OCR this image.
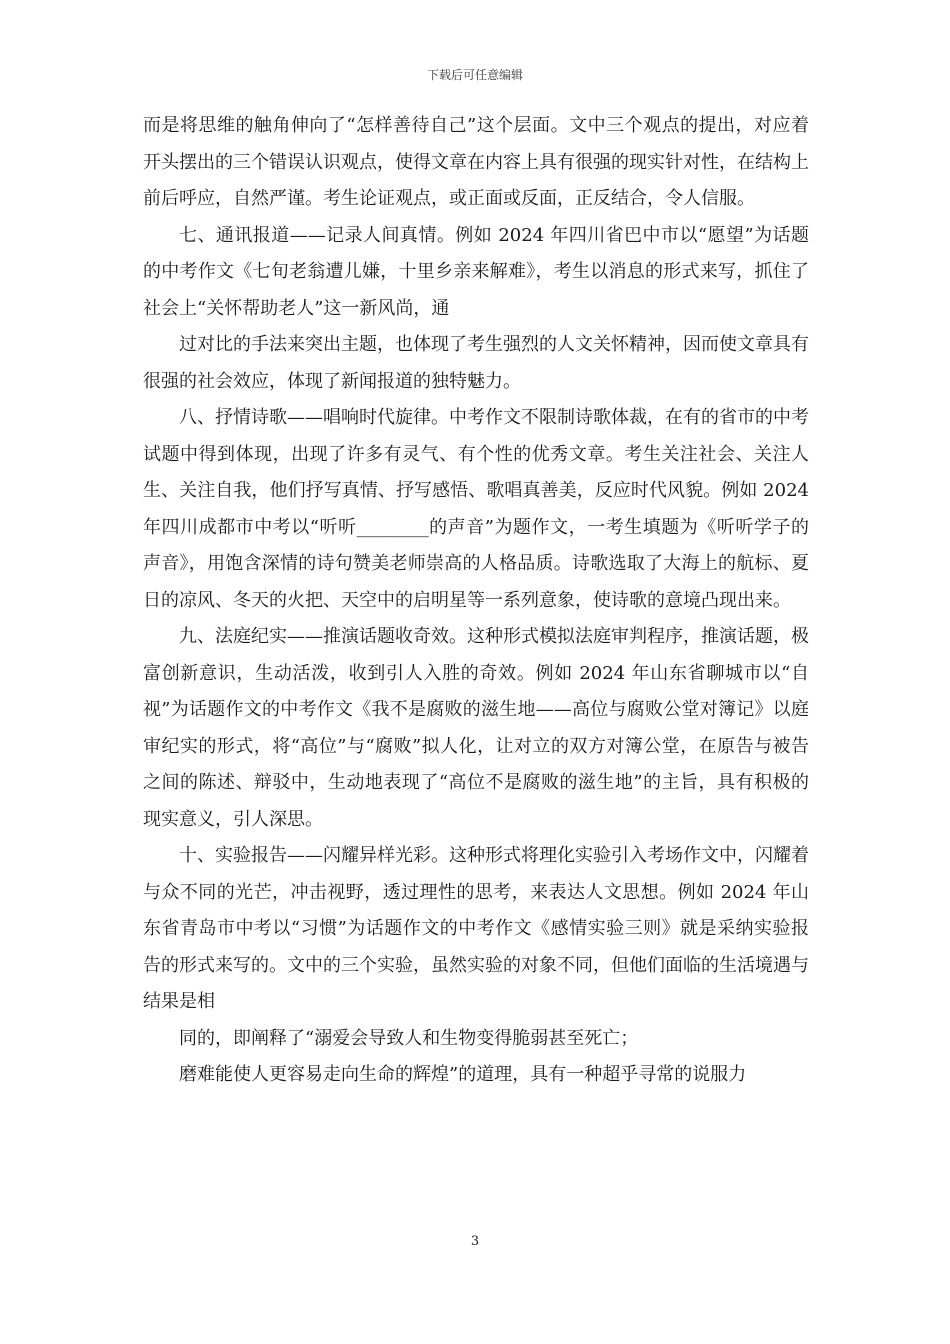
下载后可任意编辑

而是将思维的触角伸向了“怎样善待自己”这个层面。文中三个观点的提出，对应着开头摆出的三个错误认识观点，使得文章在内容上具有很强的现实针对性，在结构上前后呼应，自然严谨。考生论证观点，或正面或反面，正反结合，令人信服。

七、通讯报道——记录人间真情。例如 2024 年四川省巴中市以“愿望”为话题的中考作文《七旬老翁遭儿嫌，十里乡亲来解难》，考生以消息的形式来写，抓住了社会上“关怀帮助老人”这一新风尚，通

过对比的手法来突出主题，也体现了考生强烈的人文关怀精神，因而使文章具有很强的社会效应，体现了新闻报道的独特魅力。

八、抒情诗歌——唱响时代旋律。中考作文不限制诗歌体裁，在有的省市的中考试题中得到体现，出现了许多有灵气、有个性的优秀文章。考生关注社会、关注人生、关注自我，他们抒写真情、抒写感悟、歌唱真善美，反应时代风貌。例如 2024 年四川成都市中考以“听听________的声音”为题作文，一考生填题为《听听学子的声音》，用饱含深情的诗句赞美老师崇高的人格品质。诗歌选取了大海上的航标、夏日的凉风、冬天的火把、天空中的启明星等一系列意象，使诗歌的意境凸现出来。

九、法庭纪实——推演话题收奇效。这种形式模拟法庭审判程序，推演话题，极富创新意识，生动活泼，收到引人入胜的奇效。例如 2024 年山东省聊城市以“自视”为话题作文的中考作文《我不是腐败的滋生地——高位与腐败公堂对簿记》以庭审纪实的形式，将“高位”与“腐败”拟人化，让对立的双方对簿公堂，在原告与被告之间的陈述、辩驳中，生动地表现了“高位不是腐败的滋生地”的主旨，具有积极的现实意义，引人深思。

十、实验报告——闪耀异样光彩。这种形式将理化实验引入考场作文中，闪耀着与众不同的光芒，冲击视野，透过理性的思考，来表达人文思想。例如 2024 年山东省青岛市中考以“习惯”为话题作文的中考作文《感情实验三则》就是采纳实验报告的形式来写的。文中的三个实验，虽然实验的对象不同，但他们面临的生活境遇与结果是相

同的，即阐释了“溺爱会导致人和生物变得脆弱甚至死亡；

磨难能使人更容易走向生命的辉煌”的道理，具有一种超乎寻常的说服力

3
